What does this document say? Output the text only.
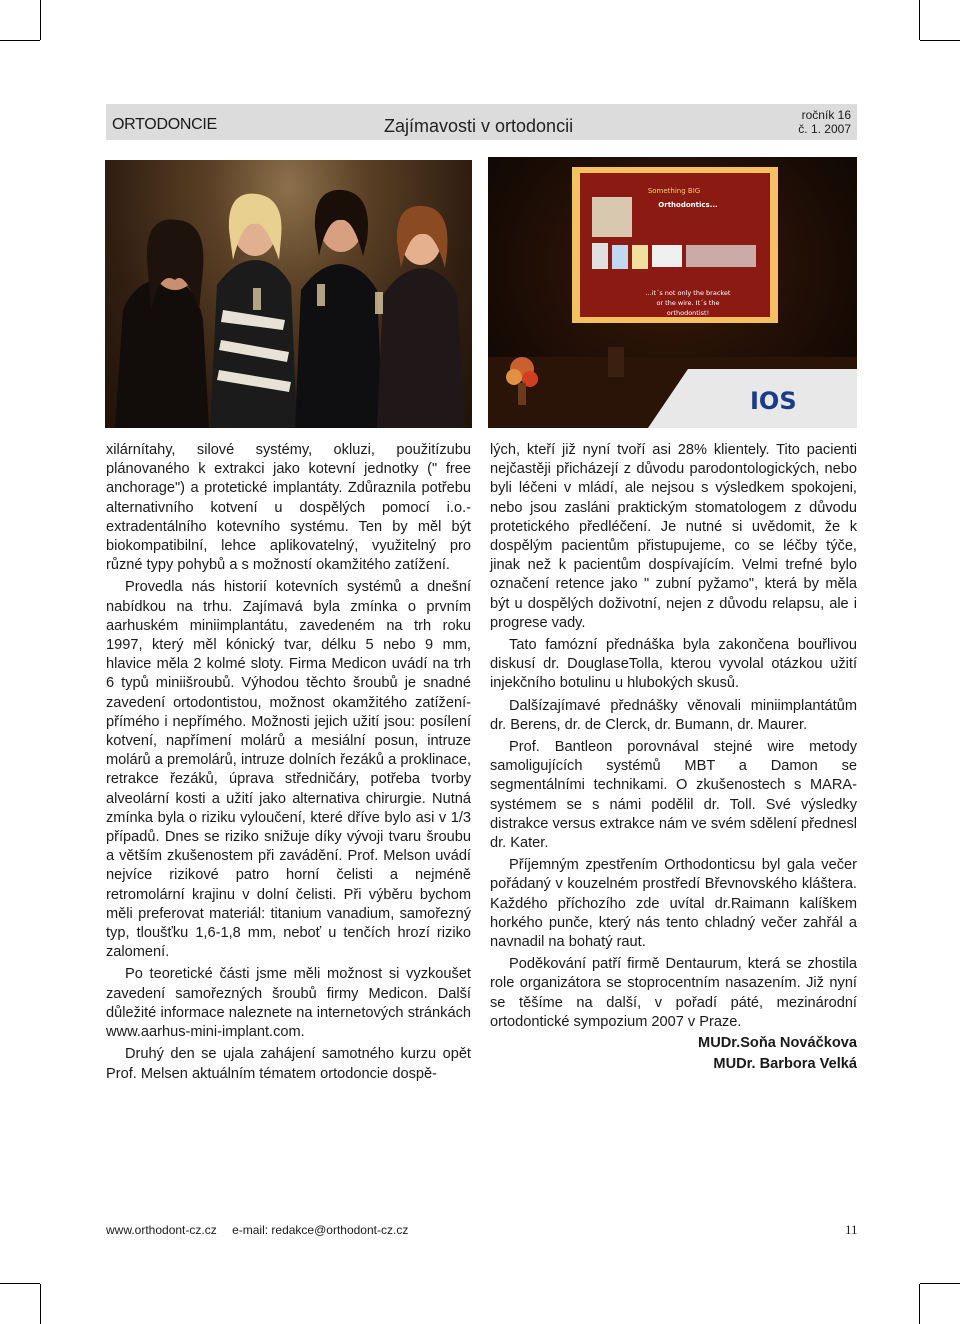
ORTODONCIE	Zajímavosti v ortodoncii
ročník 16
č. 1. 2007
Something BIG
Orthodontics...
...it´s not only the bracket
or the wire. It´s the
orthodontist!
IOS

xilárnítahy, silové systémy, okluzi, použitízubu plánovaného k extrakci jako kotevní jednotky (" free anchorage") a protetické implantáty. Zdůraznila potřebu alternativního kotvení u dospělých pomocí i.o.- extradentálního kotevního systému. Ten by měl být biokompatibilní, lehce aplikovatelný, využitelný pro různé typy pohybů a s možností okamžitého zatížení.

Provedla nás historií kotevních systémů a dnešní nabídkou na trhu. Zajímavá byla zmínka o prvním aarhuském miniimplantátu, zavedeném na trh roku 1997, který měl kónický tvar, délku 5 nebo 9 mm, hlavice měla 2 kolmé sloty. Firma Medicon uvádí na trh 6 typů miniišroubů. Výhodou těchto šroubů je snadné zavedení ortodontistou, možnost okamžitého zatížení- přímého i nepřímého. Možnosti jejich užití jsou: posílení kotvení, napřímení molárů a mesiální posun, intruze molárů a premolárů, intruze dolních řezáků a proklinace, retrakce řezáků, úprava středničáry, potřeba tvorby alveolární kosti a užití jako alternativa chirurgie. Nutná zmínka byla o riziku vyloučení, které dříve bylo asi v 1/3 případů. Dnes se riziko snižuje díky vývoji tvaru šroubu a větším zkušenostem při zavádění. Prof. Melson uvádí nejvíce rizikové patro horní čelisti a nejméně retromolární krajinu v dolní čelisti. Při výběru bychom měli preferovat materiál: titanium vanadium, samořezný typ, tloušťku 1,6-1,8 mm, neboť u tenčích hrozí riziko zalomení.

Po teoretické části jsme měli možnost si vyzkoušet zavedení samořezných šroubů firmy Medicon. Další důležité informace naleznete na internetových stránkách www.aarhus-mini-implant.com.

Druhý den se ujala zahájení samotného kurzu opět Prof. Melsen aktuálním tématem ortodoncie dospě-

lých, kteří již nyní tvoří asi 28% klientely. Tito pacienti nejčastěji přicházejí z důvodu parodontologických, nebo byli léčeni v mládí, ale nejsou s výsledkem spokojeni, nebo jsou zasláni praktickým stomatologem z důvodu protetického předléčení. Je nutné si uvědomit, že k dospělým pacientům přistupujeme, co se léčby týče, jinak než k pacientům dospívajícím. Velmi trefné bylo označení retence jako " zubní pyžamo", která by měla být u dospělých doživotní, nejen z důvodu relapsu, ale i progrese vady.

Tato famózní přednáška byla zakončena bouřlivou diskusí dr. DouglaseTolla, kterou vyvolal otázkou užití injekčního botulinu u hlubokých skusů.

Dalšízajímavé přednášky věnovali miniimplantátům dr. Berens, dr. de Clerck, dr. Bumann, dr. Maurer.

Prof. Bantleon porovnával stejné wire metody samoligujících systémů MBT a Damon se segmentálními technikami. O zkušenostech s MARA-systémem se s námi podělil dr. Toll. Své výsledky distrakce versus extrakce nám ve svém sdělení přednesl dr. Kater.

Příjemným zpestřením Orthodonticsu byl gala večer pořádaný v kouzelném prostředí Břevnovského kláštera. Každého příchozího zde uvítal dr.Raimann kalíškem horkého punče, který nás tento chladný večer zahřál a navnadil na bohatý raut.

Poděkování patří firmě Dentaurum, která se zhostila role organizátora se stoprocentním nasazením. Již nyní se těšíme na další, v pořadí páté, mezinárodní ortodontické sympozium 2007 v Praze.

MUDr.Soňa Nováčkova

MUDr. Barbora Velká

www.orthodont-cz.cz e-mail: redakce@orthodont-cz.cz	11
